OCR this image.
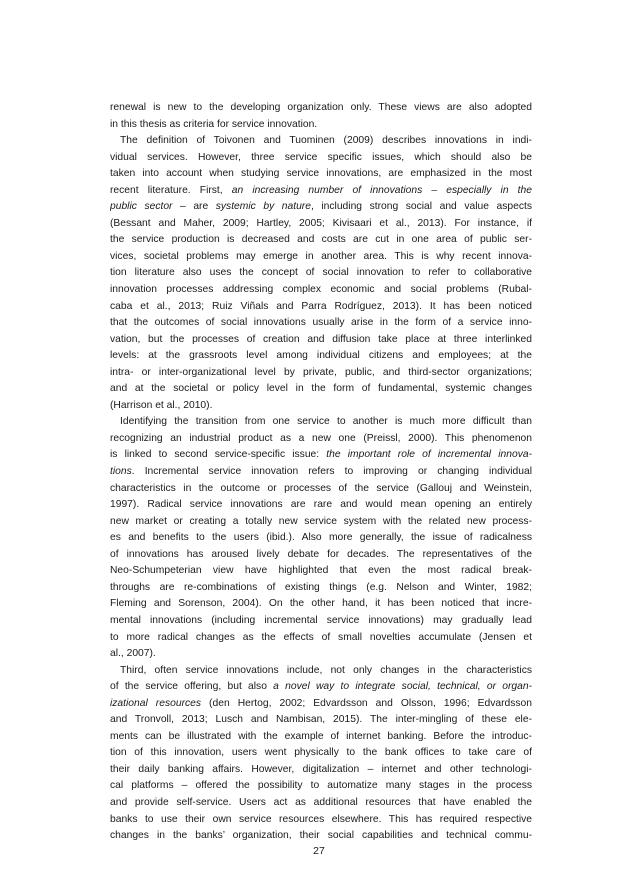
renewal is new to the developing organization only. These views are also adopted
in this thesis as criteria for service innovation.
The definition of Toivonen and Tuominen (2009) describes innovations in indi-
vidual services. However, three service specific issues, which should also be
taken into account when studying service innovations, are emphasized in the most
recent literature. First, an increasing number of innovations – especially in the
public sector – are systemic by nature, including strong social and value aspects
(Bessant and Maher, 2009; Hartley, 2005; Kivisaari et al., 2013). For instance, if
the service production is decreased and costs are cut in one area of public ser-
vices, societal problems may emerge in another area. This is why recent innova-
tion literature also uses the concept of social innovation to refer to collaborative
innovation processes addressing complex economic and social problems (Rubal-
caba et al., 2013; Ruiz Viñals and Parra Rodríguez, 2013). It has been noticed
that the outcomes of social innovations usually arise in the form of a service inno-
vation, but the processes of creation and diffusion take place at three interlinked
levels: at the grassroots level among individual citizens and employees; at the
intra- or inter-organizational level by private, public, and third-sector organizations;
and at the societal or policy level in the form of fundamental, systemic changes
(Harrison et al., 2010).
Identifying the transition from one service to another is much more difficult than
recognizing an industrial product as a new one (Preissl, 2000). This phenomenon
is linked to second service-specific issue: the important role of incremental innova-
tions. Incremental service innovation refers to improving or changing individual
characteristics in the outcome or processes of the service (Gallouj and Weinstein,
1997). Radical service innovations are rare and would mean opening an entirely
new market or creating a totally new service system with the related new process-
es and benefits to the users (ibid.). Also more generally, the issue of radicalness
of innovations has aroused lively debate for decades. The representatives of the
Neo-Schumpeterian view have highlighted that even the most radical break-
throughs are re-combinations of existing things (e.g. Nelson and Winter, 1982;
Fleming and Sorenson, 2004). On the other hand, it has been noticed that incre-
mental innovations (including incremental service innovations) may gradually lead
to more radical changes as the effects of small novelties accumulate (Jensen et
al., 2007).
Third, often service innovations include, not only changes in the characteristics
of the service offering, but also a novel way to integrate social, technical, or organ-
izational resources (den Hertog, 2002; Edvardsson and Olsson, 1996; Edvardsson
and Tronvoll, 2013; Lusch and Nambisan, 2015). The inter-mingling of these ele-
ments can be illustrated with the example of internet banking. Before the introduc-
tion of this innovation, users went physically to the bank offices to take care of
their daily banking affairs. However, digitalization – internet and other technologi-
cal platforms – offered the possibility to automatize many stages in the process
and provide self-service. Users act as additional resources that have enabled the
banks to use their own service resources elsewhere. This has required respective
changes in the banks’ organization, their social capabilities and technical commu-
27
